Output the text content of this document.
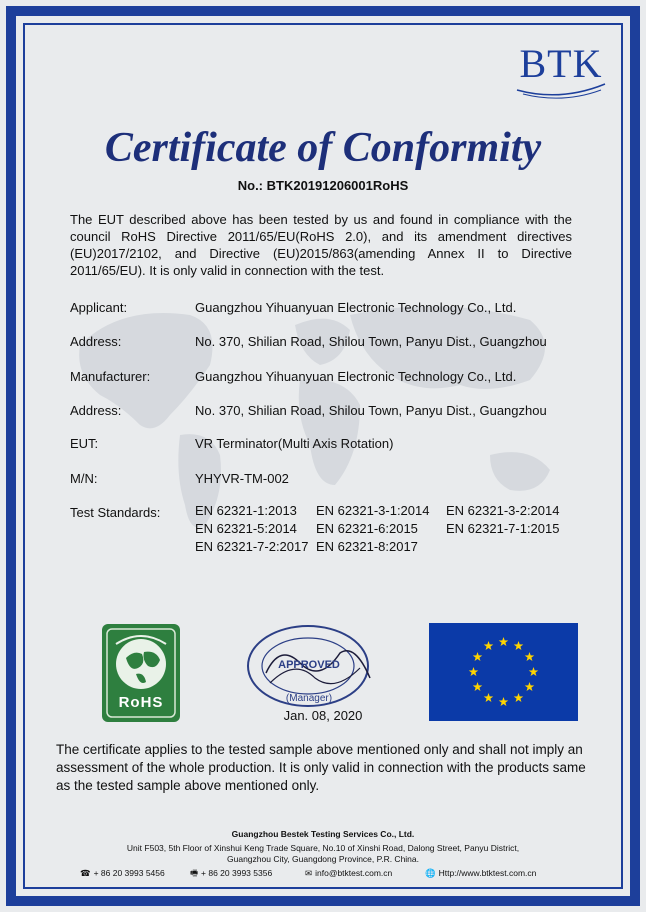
BTK
Certificate of Conformity
No.: BTK20191206001RoHS
The EUT described above has been tested by us and found in compliance with the council RoHS Directive 2011/65/EU(RoHS 2.0), and its amendment directives (EU)2017/2102, and Directive (EU)2015/863(amending Annex II to Directive 2011/65/EU). It is only valid in connection with the test.
Applicant:	Guangzhou Yihuanyuan Electronic Technology Co., Ltd.
Address:	No. 370, Shilian Road, Shilou Town, Panyu Dist., Guangzhou
Manufacturer:	Guangzhou Yihuanyuan Electronic Technology Co., Ltd.
Address:	No. 370, Shilian Road, Shilou Town, Panyu Dist., Guangzhou
EUT:	VR Terminator(Multi Axis Rotation)
M/N:	YHYVR-TM-002
Test Standards:	EN 62321-1:2013 EN 62321-3-1:2014 EN 62321-3-2:2014
EN 62321-5:2014 EN 62321-6:2015 EN 62321-7-1:2015
EN 62321-7-2:2017 EN 62321-8:2017
RoHS
APPROVED
(Manager)
Jan. 08, 2020
The certificate applies to the tested sample above mentioned only and shall not imply an assessment of the whole production. It is only valid in connection with the products same as the tested sample above mentioned only.
Guangzhou Bestek Testing Services Co., Ltd.
Unit F503, 5th Floor of Xinshui Keng Trade Square, No.10 of Xinshi Road, Dalong Street, Panyu District,
Guangzhou City, Guangdong Province, P.R. China.
☎ + 86 20 3993 5456	🖷 + 86 20 3993 5356	✉ info@btktest.com.cn	🌐 Http://www.btktest.com.cn
